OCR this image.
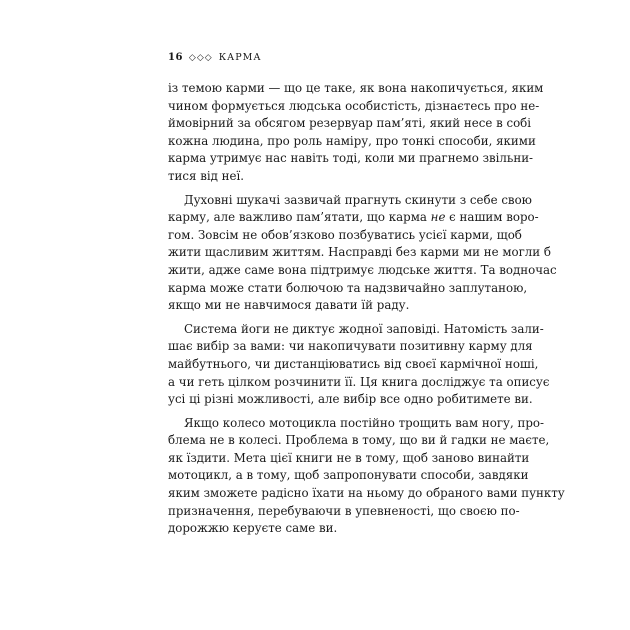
16 ◇◇◇ КАРМА
із темою карми — що це таке, як вона накопичується, яким
чином формується людська особистість, дізнаєтесь про не-
ймовірний за обсягом резервуар пам’яті, який несе в собі
кожна людина, про роль наміру, про тонкі способи, якими
карма утримує нас навіть тоді, коли ми прагнемо звільни-
тися від неї.
Духовні шукачі зазвичай прагнуть скинути з себе свою
карму, але важливо пам’ятати, що карма не є нашим воро-
гом. Зовсім не обов’язково позбуватись усієї карми, щоб
жити щасливим життям. Насправді без карми ми не могли б
жити, адже саме вона підтримує людське життя. Та водночас
карма може стати болючою та надзвичайно заплутаною,
якщо ми не навчимося давати їй раду.
Система йоги не диктує жодної заповіді. Натомість зали-
шає вибір за вами: чи накопичувати позитивну карму для
майбутнього, чи дистанціюватись від своєї кармічної ноші,
а чи геть цілком розчинити її. Ця книга досліджує та описує
усі ці різні можливості, але вибір все одно робитимете ви.
Якщо колесо мотоцикла постійно трощить вам ногу, про-
блема не в колесі. Проблема в тому, що ви й гадки не маєте,
як їздити. Мета цієї книги не в тому, щоб заново винайти
мотоцикл, а в тому, щоб запропонувати способи, завдяки
яким зможете радісно їхати на ньому до обраного вами пункту
призначення, перебуваючи в упевненості, що своєю по-
дорожжю керуєте саме ви.
